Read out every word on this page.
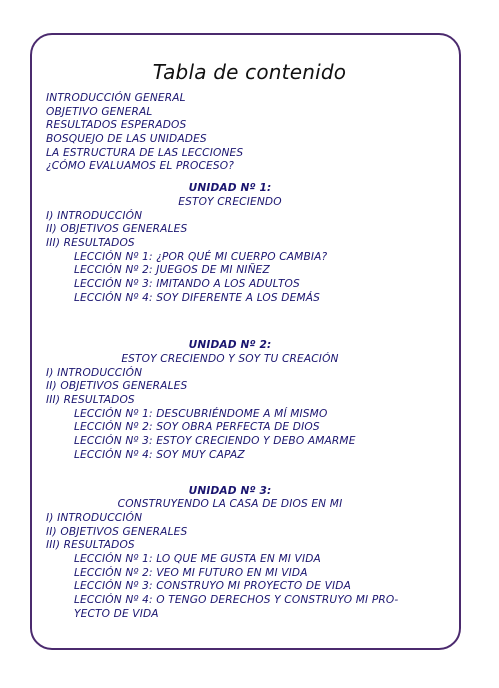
Tabla de contenido
INTRODUCCIÓN GENERAL
OBJETIVO GENERAL
RESULTADOS ESPERADOS
BOSQUEJO DE LAS UNIDADES
LA ESTRUCTURA DE LAS LECCIONES
¿CÓMO EVALUAMOS EL PROCESO?
UNIDAD Nº 1:
ESTOY CRECIENDO
I) INTRODUCCIÓN
II) OBJETIVOS GENERALES
III) RESULTADOS
LECCIÓN Nº 1: ¿POR QUÉ MI CUERPO CAMBIA?
LECCIÓN Nº 2: JUEGOS DE MI NIÑEZ
LECCIÓN Nº 3: IMITANDO A LOS ADULTOS
LECCIÓN Nº 4: SOY DIFERENTE A LOS DEMÁS
UNIDAD Nº 2:
ESTOY CRECIENDO Y SOY TU CREACIÓN
I) INTRODUCCIÓN
II) OBJETIVOS GENERALES
III) RESULTADOS
LECCIÓN Nº 1: DESCUBRIÉNDOME A MÍ MISMO
LECCIÓN Nº 2: SOY OBRA PERFECTA DE DIOS
LECCIÓN Nº 3: ESTOY CRECIENDO Y DEBO AMARME
LECCIÓN Nº 4: SOY MUY CAPAZ
UNIDAD Nº 3:
CONSTRUYENDO LA CASA DE DIOS EN MI
I) INTRODUCCIÓN
II) OBJETIVOS GENERALES
III) RESULTADOS
LECCIÓN Nº 1: LO QUE ME GUSTA EN MI VIDA
LECCIÓN Nº 2: VEO MI FUTURO EN MI VIDA
LECCIÓN Nº 3: CONSTRUYO MI PROYECTO DE VIDA
LECCIÓN Nº 4: O TENGO DERECHOS Y CONSTRUYO MI PRO-
YECTO DE VIDA
